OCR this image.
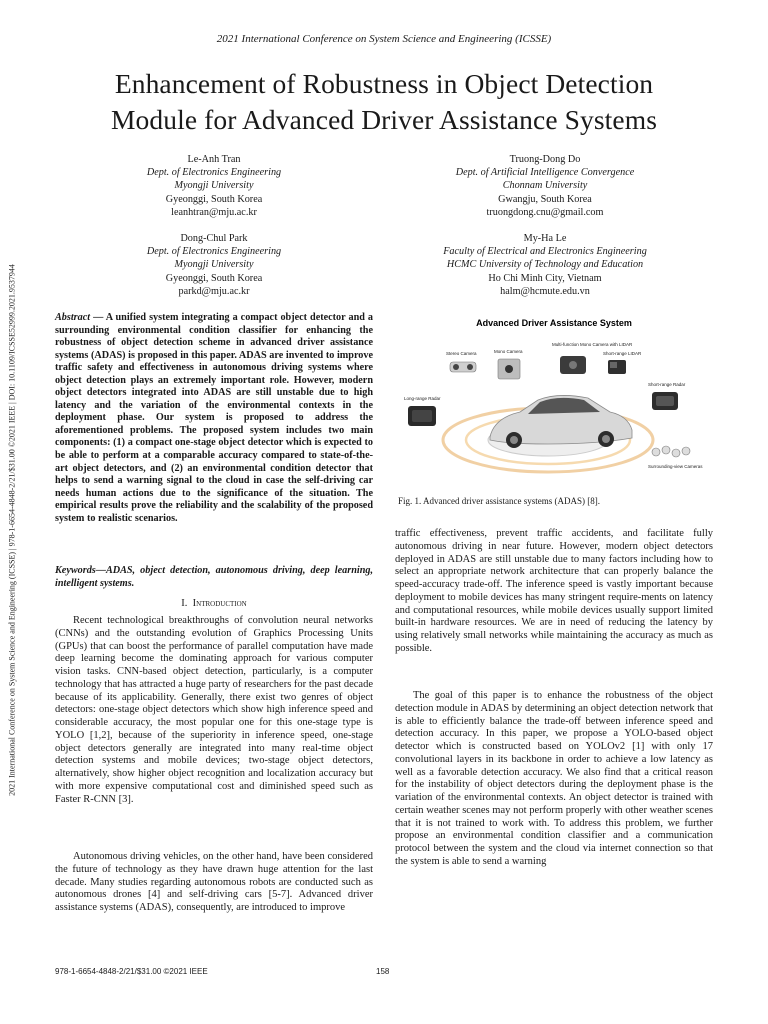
2021 International Conference on System Science and Engineering (ICSSE)
Enhancement of Robustness in Object Detection
Module for Advanced Driver Assistance Systems
Le-Anh Tran
Dept. of Electronics Engineering
Myongji University
Gyeonggi, South Korea
leanhtran@mju.ac.kr
Truong-Dong Do
Dept. of Artificial Intelligence Convergence
Chonnam University
Gwangju, South Korea
truongdong.cnu@gmail.com
Dong-Chul Park
Dept. of Electronics Engineering
Myongji University
Gyeonggi, South Korea
parkd@mju.ac.kr
My-Ha Le
Faculty of Electrical and Electronics Engineering
HCMC University of Technology and Education
Ho Chi Minh City, Vietnam
halm@hcmute.edu.vn
2021 International Conference on System Science and Engineering (ICSSE) | 978-1-6654-4848-2/21/$31.00 ©2021 IEEE | DOI: 10.1109/ICSSE52999.2021.9537944	Abstract — A unified system integrating a compact object detector and a surrounding environmental condition classifier for enhancing the robustness of object detection scheme in advanced driver assistance systems (ADAS) is proposed in this paper. ADAS are invented to improve traffic safety and effectiveness in autonomous driving systems where object detection plays an extremely important role. However, modern object detectors integrated into ADAS are still unstable due to high latency and the variation of the environmental contexts in the deployment phase. Our system is proposed to address the aforementioned problems. The proposed system includes two main components: (1) a compact one-stage object detector which is expected to be able to perform at a comparable accuracy compared to state-of-the-art object detectors, and (2) an environmental condition detector that helps to send a warning signal to the cloud in case the self-driving car needs human actions due to the significance of the situation. The empirical results prove the reliability and the scalability of the proposed system to realistic scenarios.
Keywords—ADAS, object detection, autonomous driving, deep learning, intelligent systems.
I. Introduction
Recent technological breakthroughs of convolution neural networks (CNNs) and the outstanding evolution of Graphics Processing Units (GPUs) that can boost the performance of parallel computation have made deep learning become the dominating approach for various computer vision tasks. CNN-based object detection, particularly, is a computer technology that has attracted a huge party of researchers for the past decade because of its applicability. Generally, there exist two genres of object detectors: one-stage object detectors which show high inference speed and considerable accuracy, the most popular one for this one-stage type is YOLO [1,2], because of the superiority in inference speed, one-stage object detectors generally are integrated into many real-time object detection systems and mobile devices; two-stage object detectors, alternatively, show higher object recognition and localization accuracy but with more expensive computational cost and diminished speed such as Faster R-CNN [3].
Autonomous driving vehicles, on the other hand, have been considered the future of technology as they have drawn huge attention for the last decade. Many studies regarding autonomous robots are conducted such as autonomous drones [4] and self-driving cars [5-7]. Advanced driver assistance systems (ADAS), consequently, are introduced to improve
Advanced Driver Assistance System
Stereo Camera	Mono Camera
Multi-function Mono Camera with LIDAR
Short-range LIDAR
Long-range Radar
Short-range Radar
Surrounding-view Cameras
Fig. 1. Advanced driver assistance systems (ADAS) [8].
traffic effectiveness, prevent traffic accidents, and facilitate fully autonomous driving in near future. However, modern object detectors deployed in ADAS are still unstable due to many factors including how to select an appropriate network architecture that can properly balance the speed-accuracy trade-off. The inference speed is vastly important because deployment to mobile devices has many stringent require-ments on latency and computational resources, while mobile devices usually support limited built-in hardware resources. We are in need of reducing the latency by using relatively small networks while maintaining the accuracy as much as possible.
The goal of this paper is to enhance the robustness of the object detection module in ADAS by determining an object detection network that is able to efficiently balance the trade-off between inference speed and detection accuracy. In this paper, we propose a YOLO-based object detector which is constructed based on YOLOv2 [1] with only 17 convolutional layers in its backbone in order to achieve a low latency as well as a favorable detection accuracy. We also find that a critical reason for the instability of object detectors during the deployment phase is the variation of the environmental contexts. An object detector is trained with certain weather scenes may not perform properly with other weather scenes that it is not trained to work with. To address this problem, we further propose an environmental condition classifier and a communication protocol between the system and the cloud via internet connection so that the system is able to send a warning
978-1-6654-4848-2/21/$31.00 ©2021 IEEE	158
